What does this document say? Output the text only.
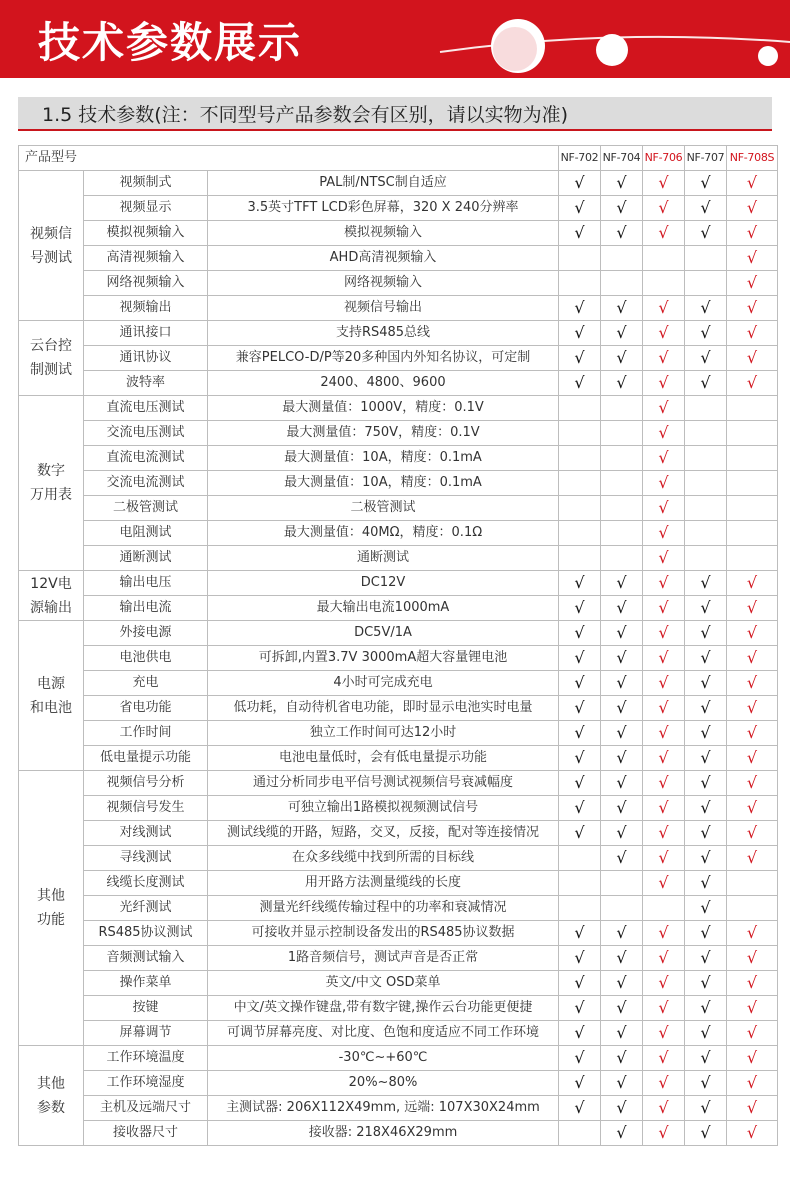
技术参数展示
1.5 技术参数(注：不同型号产品参数会有区别，请以实物为准)
产品型号			NF-702	NF-704	NF-706	NF-707	NF-708S
视频信
号测试	视频制式	PAL制/NTSC制自适应	√	√	√	√	√
	视频显示	3.5英寸TFT LCD彩色屏幕，320 X 240分辨率	√	√	√	√	√
	模拟视频输入	模拟视频输入	√	√	√	√	√
	高清视频输入	AHD高清视频输入					√
	网络视频输入	网络视频输入					√
	视频输出	视频信号输出	√	√	√	√	√
云台控
制测试	通讯接口	支持RS485总线	√	√	√	√	√
	通讯协议	兼容PELCO-D/P等20多种国内外知名协议，可定制	√	√	√	√	√
	波特率	2400、4800、9600	√	√	√	√	√
数字
万用表	直流电压测试	最大测量值：1000V，精度：0.1V			√		
	交流电压测试	最大测量值：750V，精度：0.1V			√		
	直流电流测试	最大测量值：10A，精度：0.1mA			√		
	交流电流测试	最大测量值：10A，精度：0.1mA			√		
	二极管测试	二极管测试			√		
	电阻测试	最大测量值：40MΩ，精度：0.1Ω			√		
	通断测试	通断测试			√		
12V电
源输出	输出电压	DC12V	√	√	√	√	√
	输出电流	最大输出电流1000mA	√	√	√	√	√
电源
和电池	外接电源	DC5V/1A	√	√	√	√	√
	电池供电	可拆卸,内置3.7V 3000mA超大容量锂电池	√	√	√	√	√
	充电	4小时可完成充电	√	√	√	√	√
	省电功能	低功耗，自动待机省电功能，即时显示电池实时电量	√	√	√	√	√
	工作时间	独立工作时间可达12小时	√	√	√	√	√
	低电量提示功能	电池电量低时，会有低电量提示功能	√	√	√	√	√
其他
功能	视频信号分析	通过分析同步电平信号测试视频信号衰减幅度	√	√	√	√	√
	视频信号发生	可独立输出1路模拟视频测试信号	√	√	√	√	√
	对线测试	测试线缆的开路，短路，交叉，反接，配对等连接情况	√	√	√	√	√
	寻线测试	在众多线缆中找到所需的目标线		√	√	√	√
	线缆长度测试	用开路方法测量缆线的长度			√	√	
	光纤测试	测量光纤线缆传输过程中的功率和衰减情况				√	
	RS485协议测试	可接收并显示控制设备发出的RS485协议数据	√	√	√	√	√
	音频测试输入	1路音频信号，测试声音是否正常	√	√	√	√	√
	操作菜单	英文/中文 OSD菜单	√	√	√	√	√
	按键	中文/英文操作键盘,带有数字键,操作云台功能更便捷	√	√	√	√	√
	屏幕调节	可调节屏幕亮度、对比度、色饱和度适应不同工作环境	√	√	√	√	√
其他
参数	工作环境温度	-30℃~+60℃	√	√	√	√	√
	工作环境湿度	20%~80%	√	√	√	√	√
	主机及远端尺寸	主测试器: 206X112X49mm, 远端: 107X30X24mm	√	√	√	√	√
	接收器尺寸	接收器: 218X46X29mm		√	√	√	√
